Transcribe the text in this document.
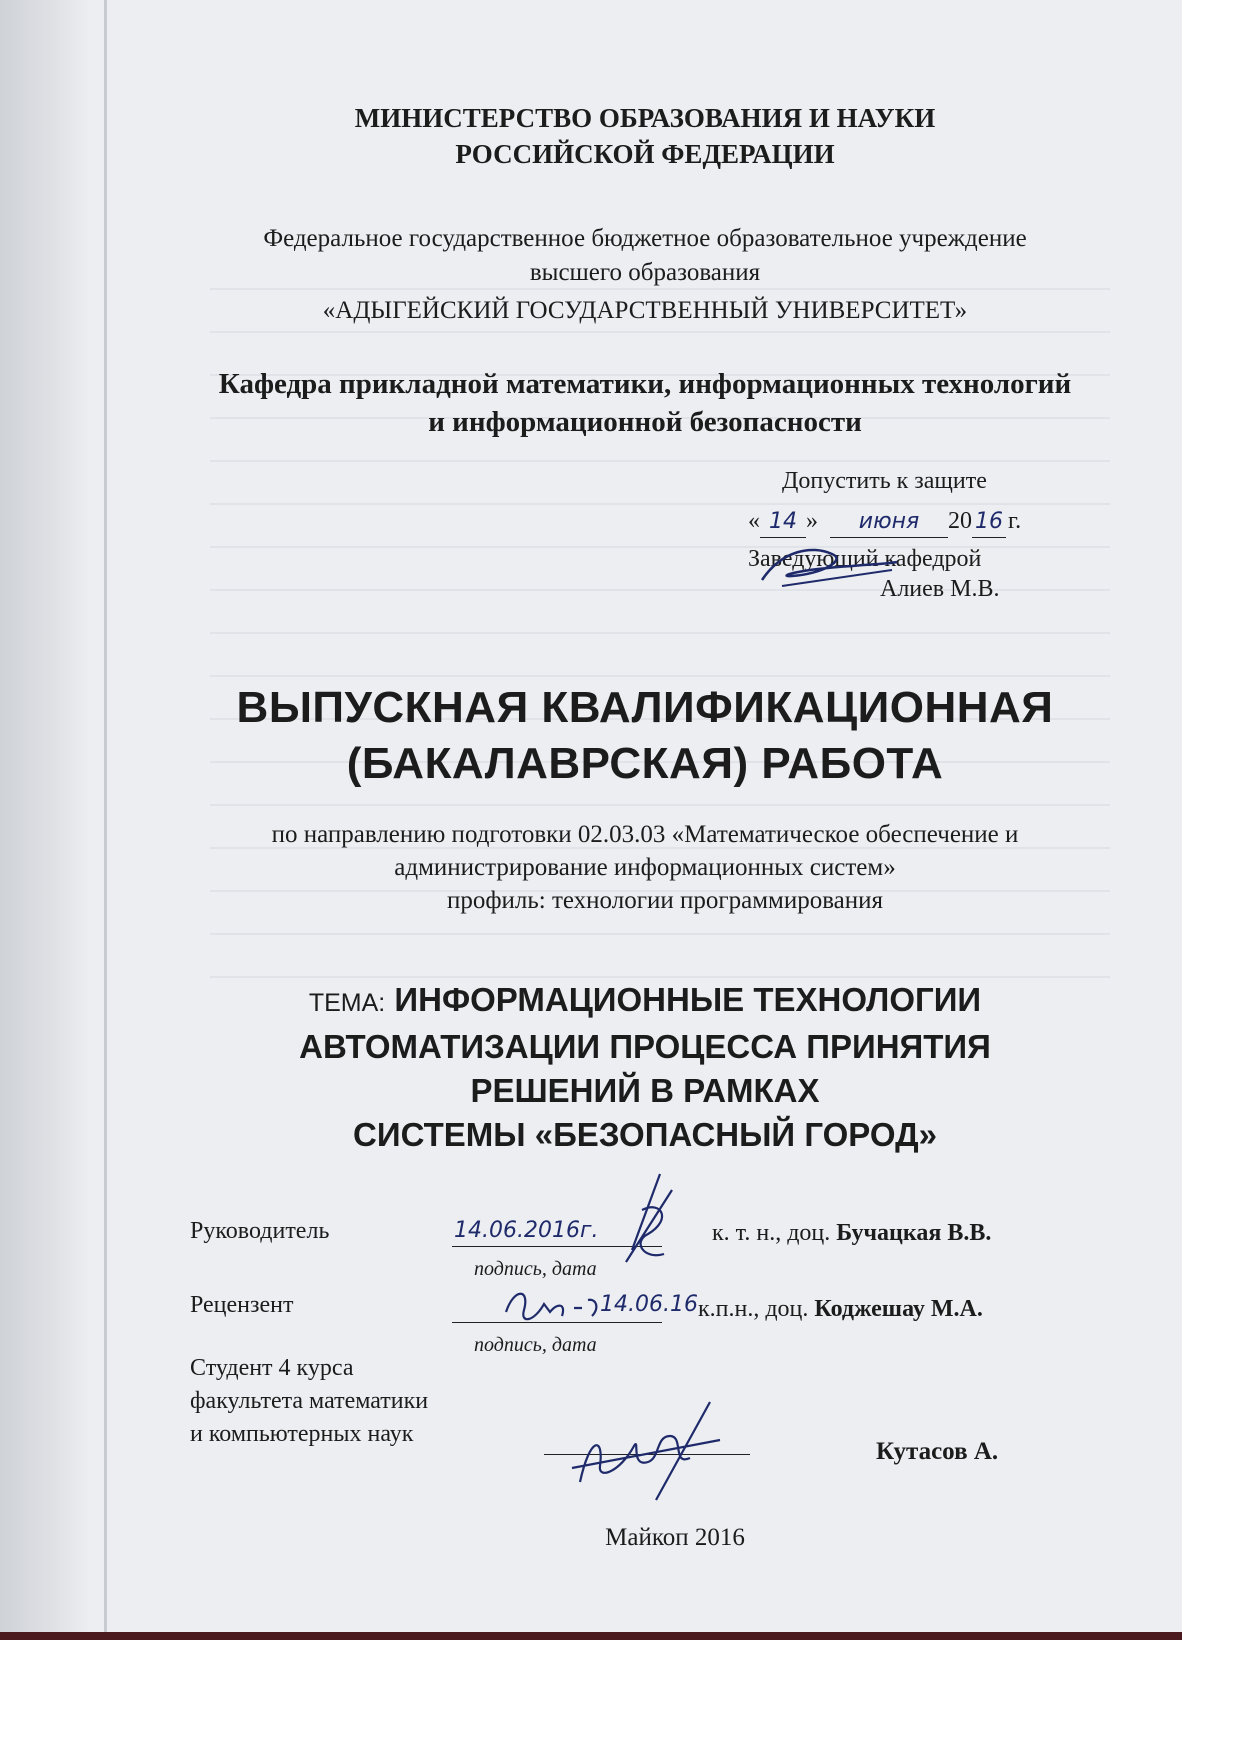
МИНИСТЕРСТВО ОБРАЗОВАНИЯ И НАУКИ
РОССИЙСКОЙ ФЕДЕРАЦИИ
Федеральное государственное бюджетное образовательное учреждение
высшего образования
«АДЫГЕЙСКИЙ ГОСУДАРСТВЕННЫЙ УНИВЕРСИТЕТ»
Кафедра прикладной математики, информационных технологий
и информационной безопасности
Допустить к защите
« 14 » июня 20 16 г.
Заведующий кафедрой
Алиев М.В.
ВЫПУСКНАЯ КВАЛИФИКАЦИОННАЯ
(БАКАЛАВРСКАЯ) РАБОТА
по направлению подготовки 02.03.03 «Математическое обеспечение и
администрирование информационных систем»
профиль: технологии программирования
ТЕМА: ИНФОРМАЦИОННЫЕ ТЕХНОЛОГИИ
АВТОМАТИЗАЦИИ ПРОЦЕССА ПРИНЯТИЯ
РЕШЕНИЙ В РАМКАХ
СИСТЕМЫ «БЕЗОПАСНЫЙ ГОРОД»
Руководитель	14.06.2016г.
подпись, дата
к. т. н., доц. Бучацкая В.В.
Рецензент	14.06.16
подпись, дата
к.п.н., доц. Коджешау М.А.
Студент 4 курса
факультета математики
и компьютерных наук
Кутасов А.
Майкоп 2016
